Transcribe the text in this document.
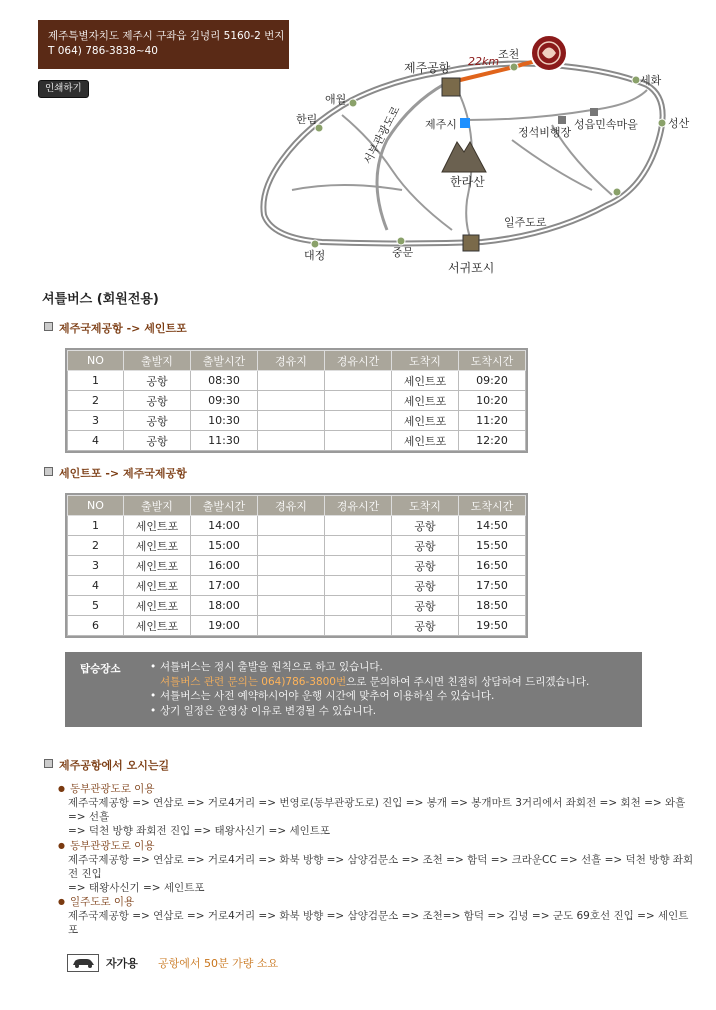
제주특별자치도 제주시 구좌읍 김녕리 5160-2 번지
T 064) 786-3838~40
인쇄하기
제주공항 22km
조천
세화
성산
애월
한림	제주시
정석비행장
성읍민속마을
한라산
일주도로
대정	중문
서귀포시
서부관광도로
셔틀버스 (회원전용)
제주국제공항 -> 세인트포
NO	출발지	출발시간	경유지	경유시간	도착지	도착시간
1	공항	08:30			세인트포	09:20
2	공항	09:30			세인트포	10:20
3	공항	10:30			세인트포	11:20
4	공항	11:30			세인트포	12:20
세인트포 -> 제주국제공항
NO	출발지	출발시간	경유지	경유시간	도착지	도착시간
1	세인트포	14:00			공항	14:50
2	세인트포	15:00			공항	15:50
3	세인트포	16:00			공항	16:50
4	세인트포	17:00			공항	17:50
5	세인트포	18:00			공항	18:50
6	세인트포	19:00			공항	19:50
탑승장소	• 셔틀버스는 정시 출발을 원칙으로 하고 있습니다.
셔틀버스 관련 문의는 064)786-3800번으로 문의하여 주시면 친절히 상담하여 드리겠습니다.
• 셔틀버스는 사전 예약하시어야 운행 시간에 맞추어 이용하실 수 있습니다.
• 상기 일정은 운영상 이유로 변경될 수 있습니다.
제주공항에서 오시는길
● 동부관광도로 이용
제주국제공항 => 연삼로 => 거로4거리 => 번영로(동부관광도로) 진입 => 봉개 => 봉개마트 3거리에서 좌회전 => 회천 => 와흘 => 선흘
=> 덕천 방향 좌회전 진입 => 태왕사신기 => 세인트포
● 동부관광도로 이용
제주국제공항 => 연삼로 => 거로4거리 => 화북 방향 => 삼양검문소 => 조천 => 함덕 => 크라운CC => 선흘 => 덕천 방향 좌회전 진입
=> 태왕사신기 => 세인트포
● 일주도로 이용
제주국제공항 => 연삼로 => 거로4거리 => 화북 방향 => 삼양검문소 => 조천=> 함덕 => 김녕 => 군도 69호선 진입 => 세인트포
자가용 공항에서 50분 가량 소요
